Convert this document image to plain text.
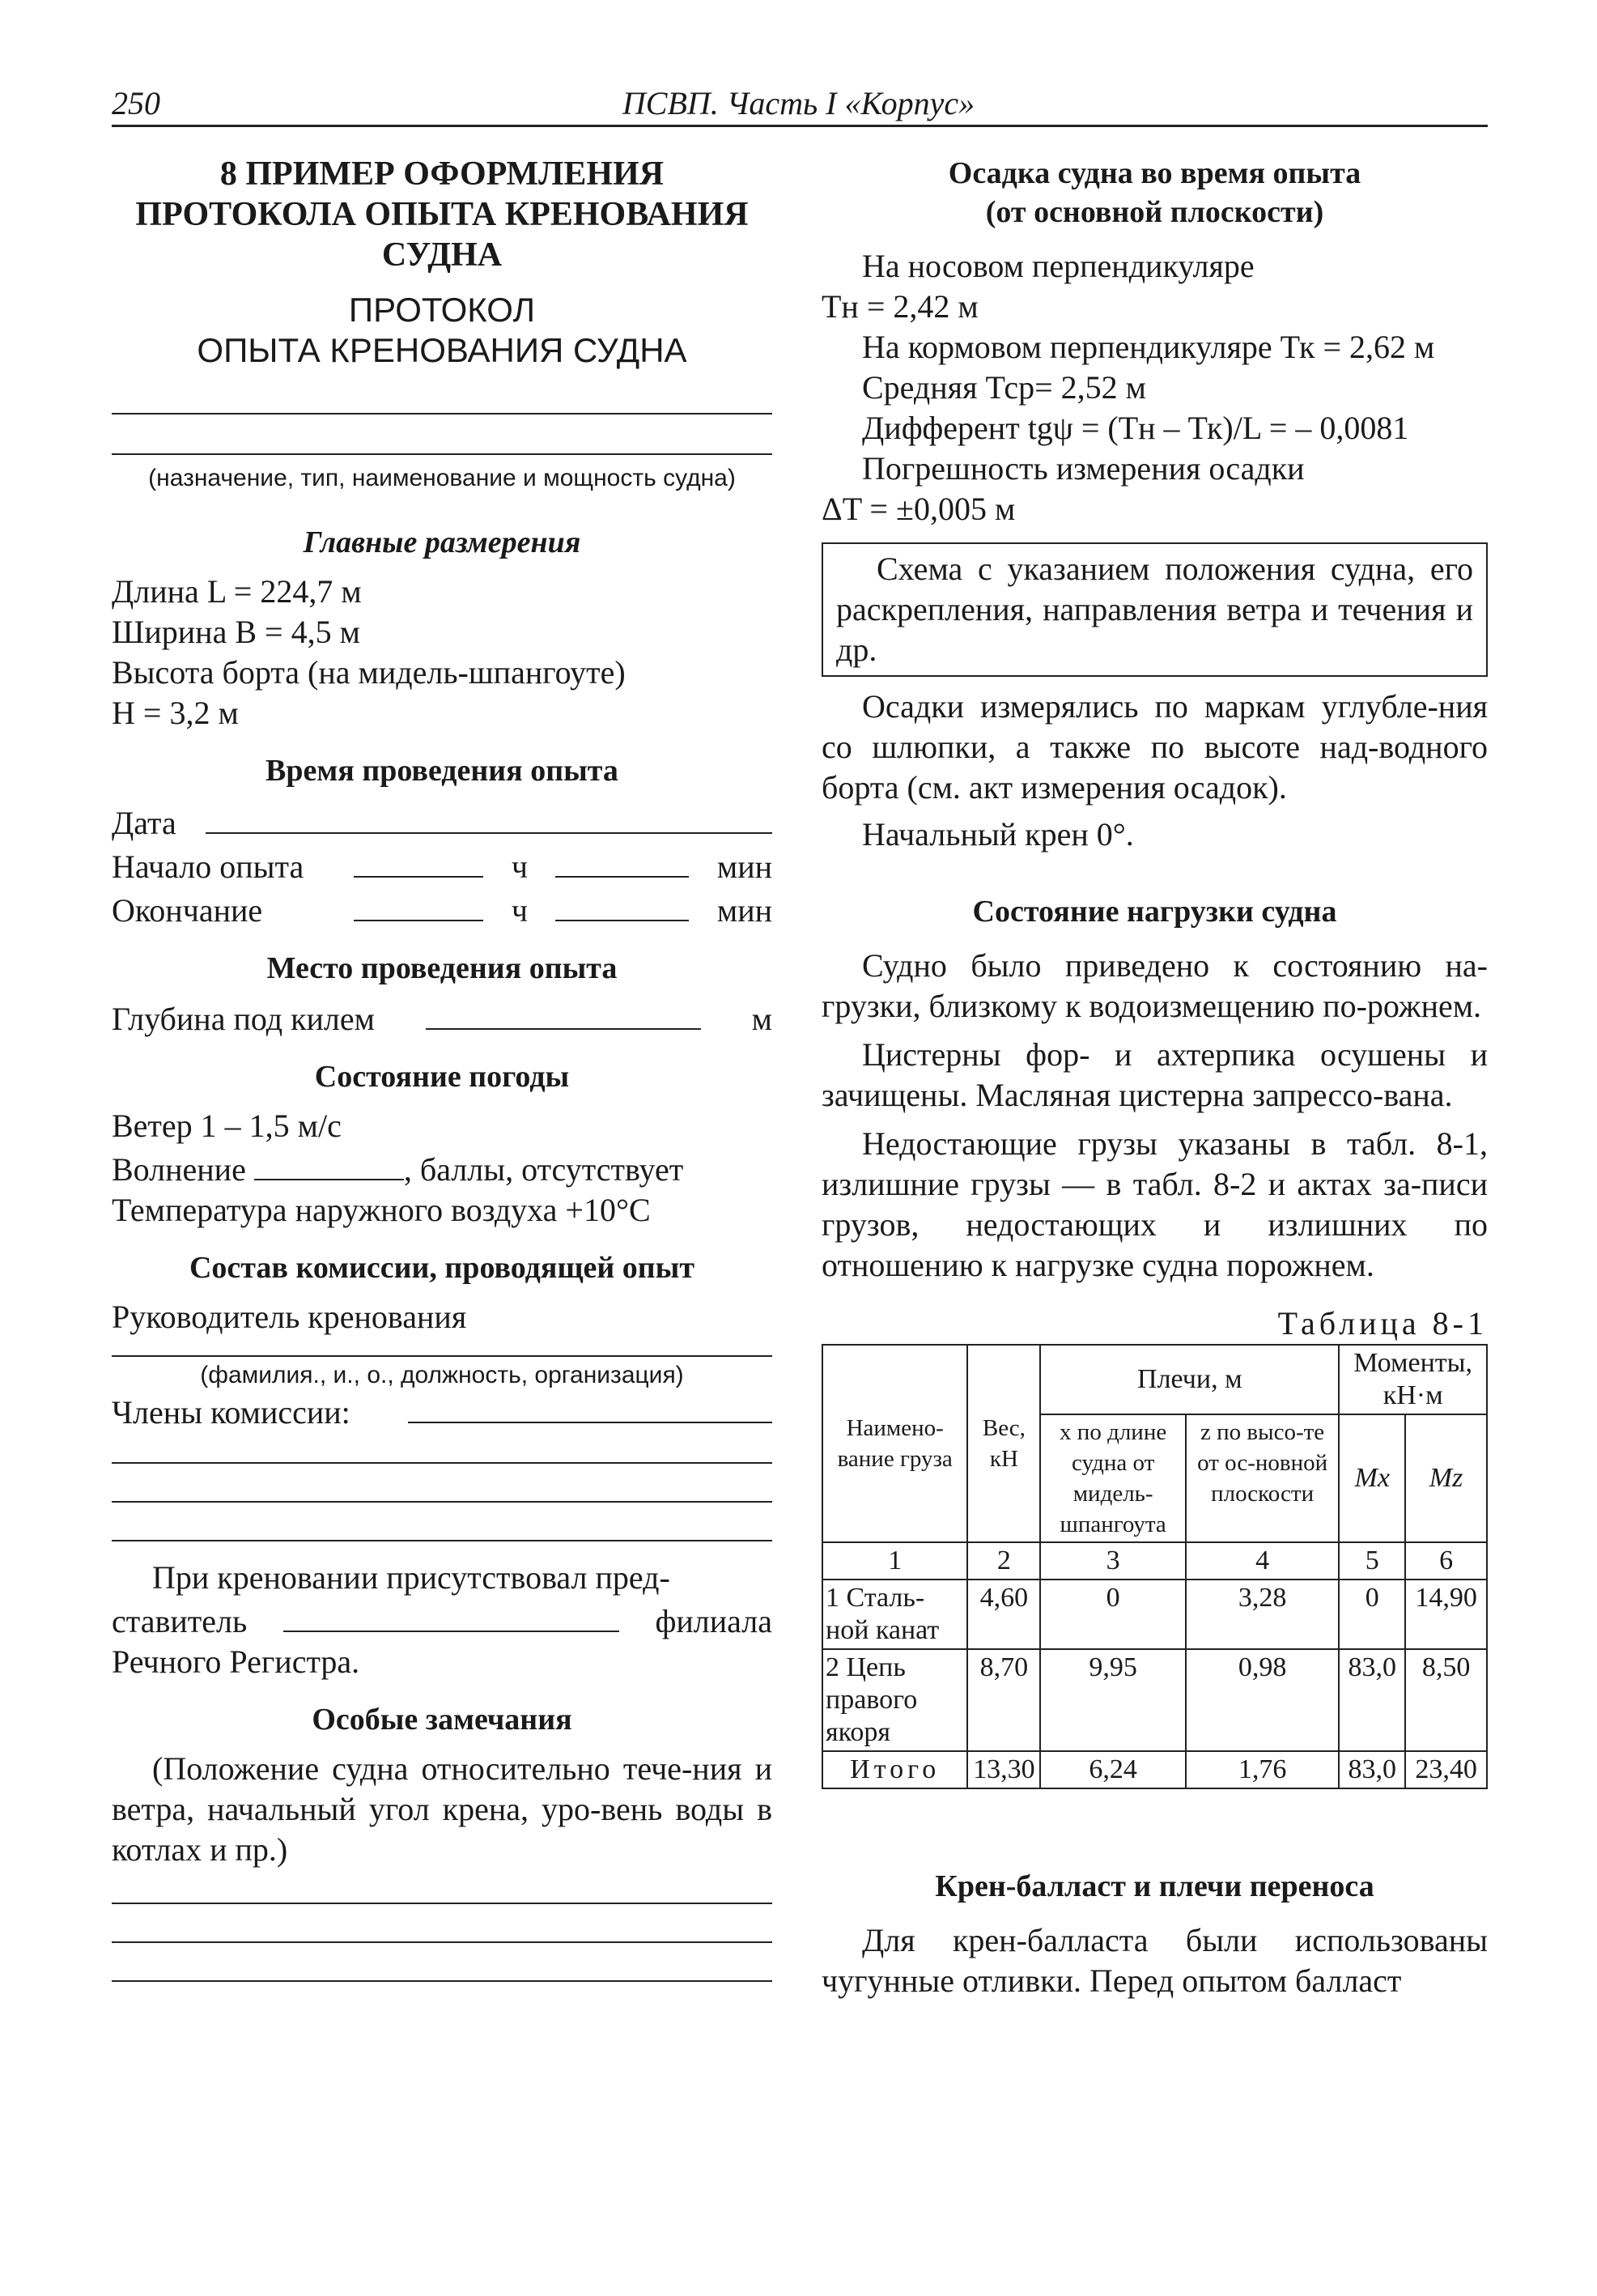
250	ПСВП. Часть I «Корпус»

8 ПРИМЕР ОФОРМЛЕНИЯ

ПРОТОКОЛА ОПЫТА КРЕНОВАНИЯ

СУДНА

ПРОТОКОЛ

ОПЫТА КРЕНОВАНИЯ СУДНА

(назначение, тип, наименование и мощность судна)

Главные размерения

Длина L = 224,7 м

Ширина B = 4,5 м

Высота борта (на мидель-шпангоуте)

H = 3,2 м

Время проведения опыта

Дата
Начало опыта	ч	мин
Окончание	ч	мин

Место проведения опыта

Глубина под килем	м

Состояние погоды

Ветер 1 – 1,5 м/с

Волнение	, баллы, отсутствует

Температура наружного воздуха +10°С

Состав комиссии, проводящей опыт

Руководитель кренования

(фамилия., и., о., должность, организация)
Члены комиссии:

При креновании присутствовал пред-

ставитель	филиала

Речного Регистра.

Особые замечания

(Положение судна относительно тече-ния и ветра, начальный угол крена, уро-вень воды в котлах и пр.)

Осадка судна во время опыта

(от основной плоскости)

На носовом перпендикуляре

Тн = 2,42 м

На кормовом перпендикуляре Тк = 2,62 м

Средняя Тср= 2,52 м

Дифферент tgψ = (Тн – Тк)/L = – 0,0081

Погрешность измерения осадки

ΔT = ±0,005 м

Схема с указанием положения судна, его раскрепления, направления ветра и течения и др.

Осадки измерялись по маркам углубле-ния со шлюпки, а также по высоте над-водного борта (см. акт измерения осадок).

Начальный крен 0°.

Состояние нагрузки судна

Судно было приведено к состоянию на-грузки, близкому к водоизмещению по-рожнем.

Цистерны фор- и ахтерпика осушены и зачищены. Масляная цистерна запрессо-вана.

Недостающие грузы указаны в табл. 8-1, излишние грузы — в табл. 8-2 и актах за-писи грузов, недостающих и излишних по отношению к нагрузке судна порожнем.

Таблица 8-1
Наимено-вание груза	Вес, кН	Плечи, м		Моменты, кН·м	
		x по длине судна от мидель-шпангоута	z по высо-те от ос-новной плоскости	Mx	Mz
1	2	3	4	5	6
1 Сталь-ной канат	4,60	0	3,28	0	14,90
2 Цепь правого якоря	8,70	9,95	0,98	83,0	8,50
Итого	13,30	6,24	1,76	83,0	23,40

Крен-балласт и плечи переноса

Для крен-балласта были использованы чугунные отливки. Перед опытом балласт
